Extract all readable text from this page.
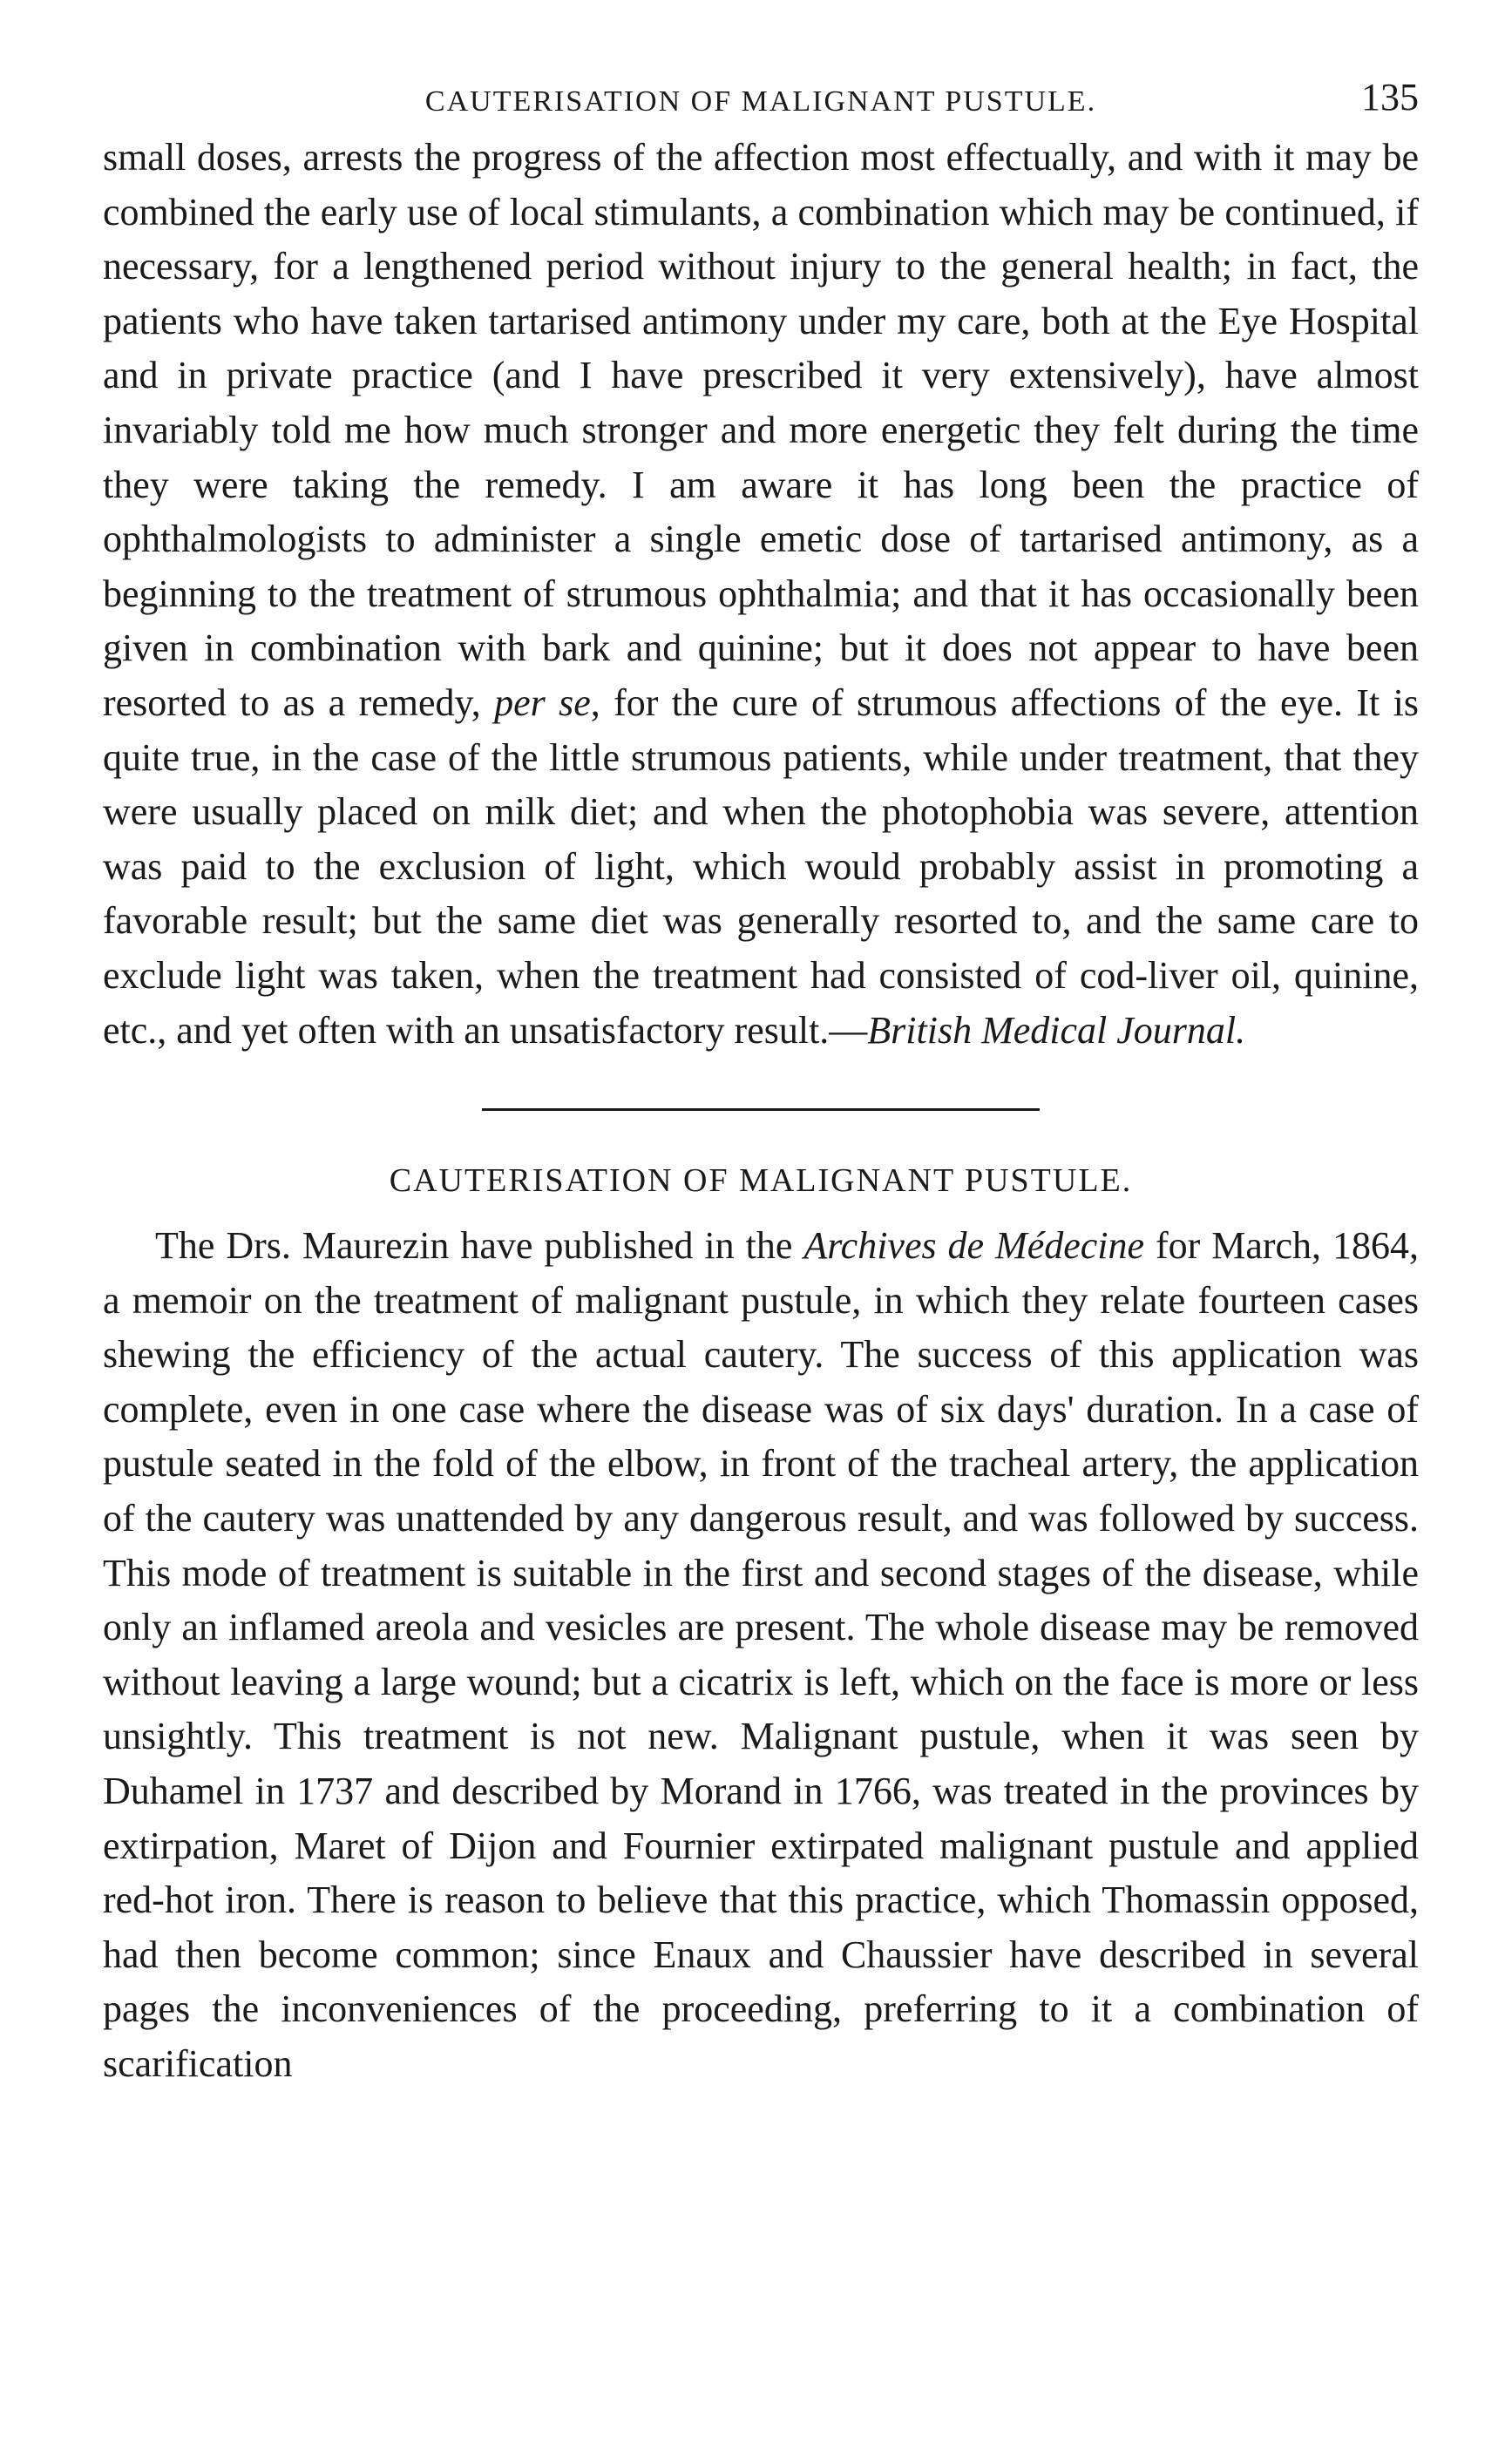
CAUTERISATION OF MALIGNANT PUSTULE.	135

small doses, arrests the progress of the affection most effectually, and with it may be combined the early use of local stimulants, a combination which may be continued, if necessary, for a lengthened period without injury to the general health; in fact, the patients who have taken tartarised antimony under my care, both at the Eye Hospital and in private practice (and I have prescribed it very extensively), have almost invariably told me how much stronger and more energetic they felt during the time they were taking the remedy. I am aware it has long been the practice of ophthalmologists to administer a single emetic dose of tartarised antimony, as a beginning to the treatment of strumous ophthalmia; and that it has occasionally been given in combination with bark and quinine; but it does not appear to have been resorted to as a remedy, per se, for the cure of strumous affections of the eye. It is quite true, in the case of the little strumous patients, while under treatment, that they were usually placed on milk diet; and when the photophobia was severe, attention was paid to the exclusion of light, which would probably assist in promoting a favorable result; but the same diet was generally resorted to, and the same care to exclude light was taken, when the treatment had consisted of cod-liver oil, quinine, etc., and yet often with an unsatisfactory result.—British Medical Journal.

CAUTERISATION OF MALIGNANT PUSTULE.

The Drs. Maurezin have published in the Archives de Médecine for March, 1864, a memoir on the treatment of malignant pustule, in which they relate fourteen cases shewing the efficiency of the actual cautery. The success of this application was complete, even in one case where the disease was of six days' duration. In a case of pustule seated in the fold of the elbow, in front of the tracheal artery, the application of the cautery was unattended by any dangerous result, and was followed by success. This mode of treatment is suitable in the first and second stages of the disease, while only an inflamed areola and vesicles are present. The whole disease may be removed without leaving a large wound; but a cicatrix is left, which on the face is more or less unsightly. This treatment is not new. Malignant pustule, when it was seen by Duhamel in 1737 and described by Morand in 1766, was treated in the provinces by extirpation, Maret of Dijon and Fournier extirpated malignant pustule and applied red-hot iron. There is reason to believe that this practice, which Thomassin opposed, had then become common; since Enaux and Chaussier have described in several pages the inconveniences of the proceeding, preferring to it a combination of scarification
